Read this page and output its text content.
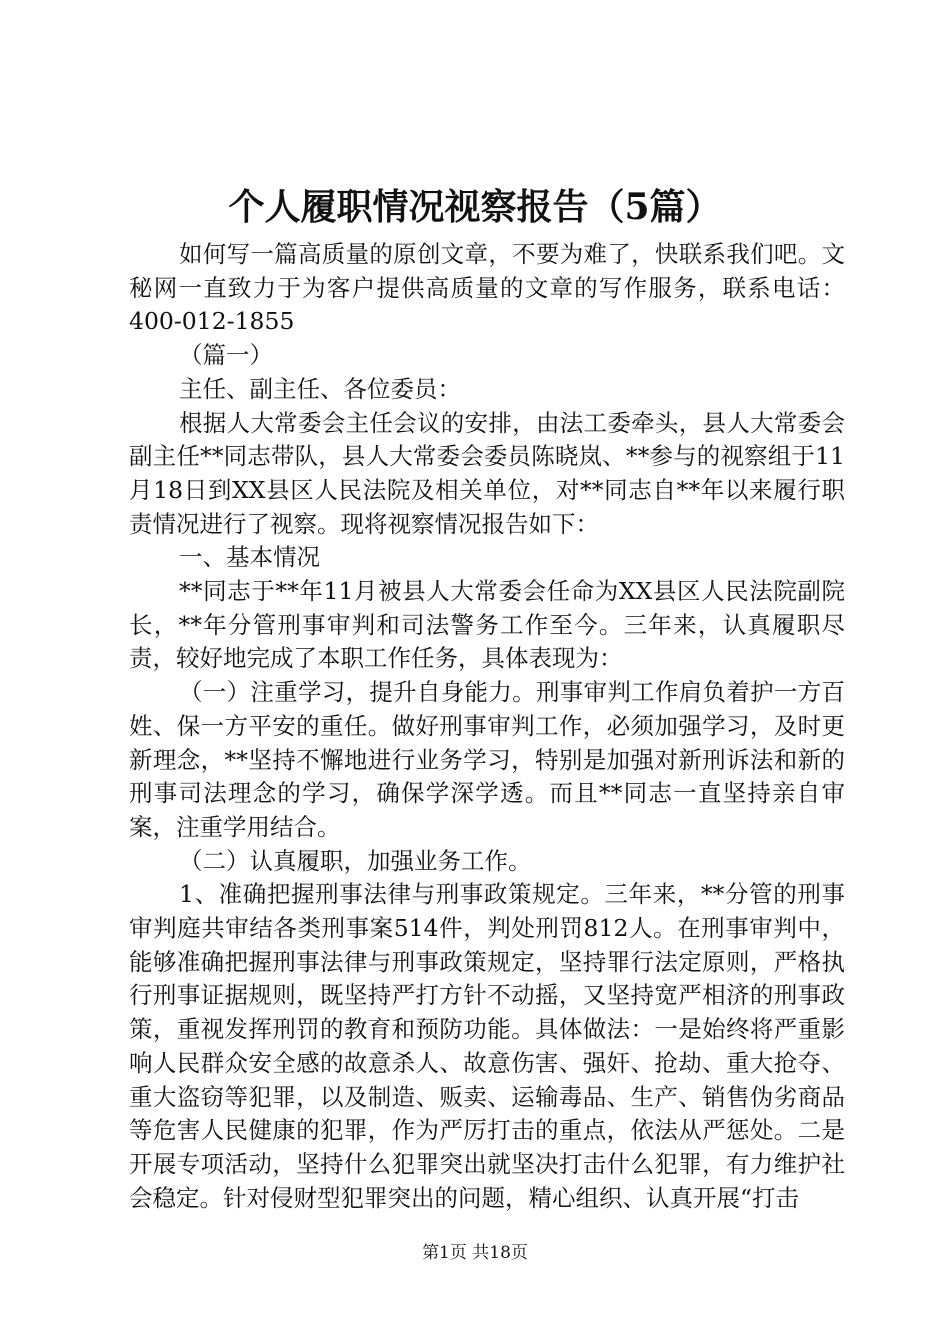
个人履职情况视察报告（5篇）

如何写一篇高质量的原创文章，不要为难了，快联系我们吧。文秘网一直致力于为客户提供高质量的文章的写作服务，联系电话：400-012-1855

（篇一）

主任、副主任、各位委员：

根据人大常委会主任会议的安排，由法工委牵头，县人大常委会副主任**同志带队，县人大常委会委员陈晓岚、**参与的视察组于11月18日到XX县区人民法院及相关单位，对**同志自**年以来履行职责情况进行了视察。现将视察情况报告如下：

一、基本情况

**同志于**年11月被县人大常委会任命为XX县区人民法院副院长，**年分管刑事审判和司法警务工作至今。三年来，认真履职尽责，较好地完成了本职工作任务，具体表现为：

（一）注重学习，提升自身能力。刑事审判工作肩负着护一方百姓、保一方平安的重任。做好刑事审判工作，必须加强学习，及时更新理念，**坚持不懈地进行业务学习，特别是加强对新刑诉法和新的刑事司法理念的学习，确保学深学透。而且**同志一直坚持亲自审案，注重学用结合。

（二）认真履职，加强业务工作。

1、准确把握刑事法律与刑事政策规定。三年来，**分管的刑事审判庭共审结各类刑事案514件，判处刑罚812人。在刑事审判中，能够准确把握刑事法律与刑事政策规定，坚持罪行法定原则，严格执行刑事证据规则，既坚持严打方针不动摇，又坚持宽严相济的刑事政策，重视发挥刑罚的教育和预防功能。具体做法：一是始终将严重影响人民群众安全感的故意杀人、故意伤害、强奸、抢劫、重大抢夺、重大盗窃等犯罪，以及制造、贩卖、运输毒品、生产、销售伪劣商品等危害人民健康的犯罪，作为严厉打击的重点，依法从严惩处。二是开展专项活动，坚持什么犯罪突出就坚决打击什么犯罪，有力维护社会稳定。针对侵财型犯罪突出的问题，精心组织、认真开展“打击

第1页 共18页
